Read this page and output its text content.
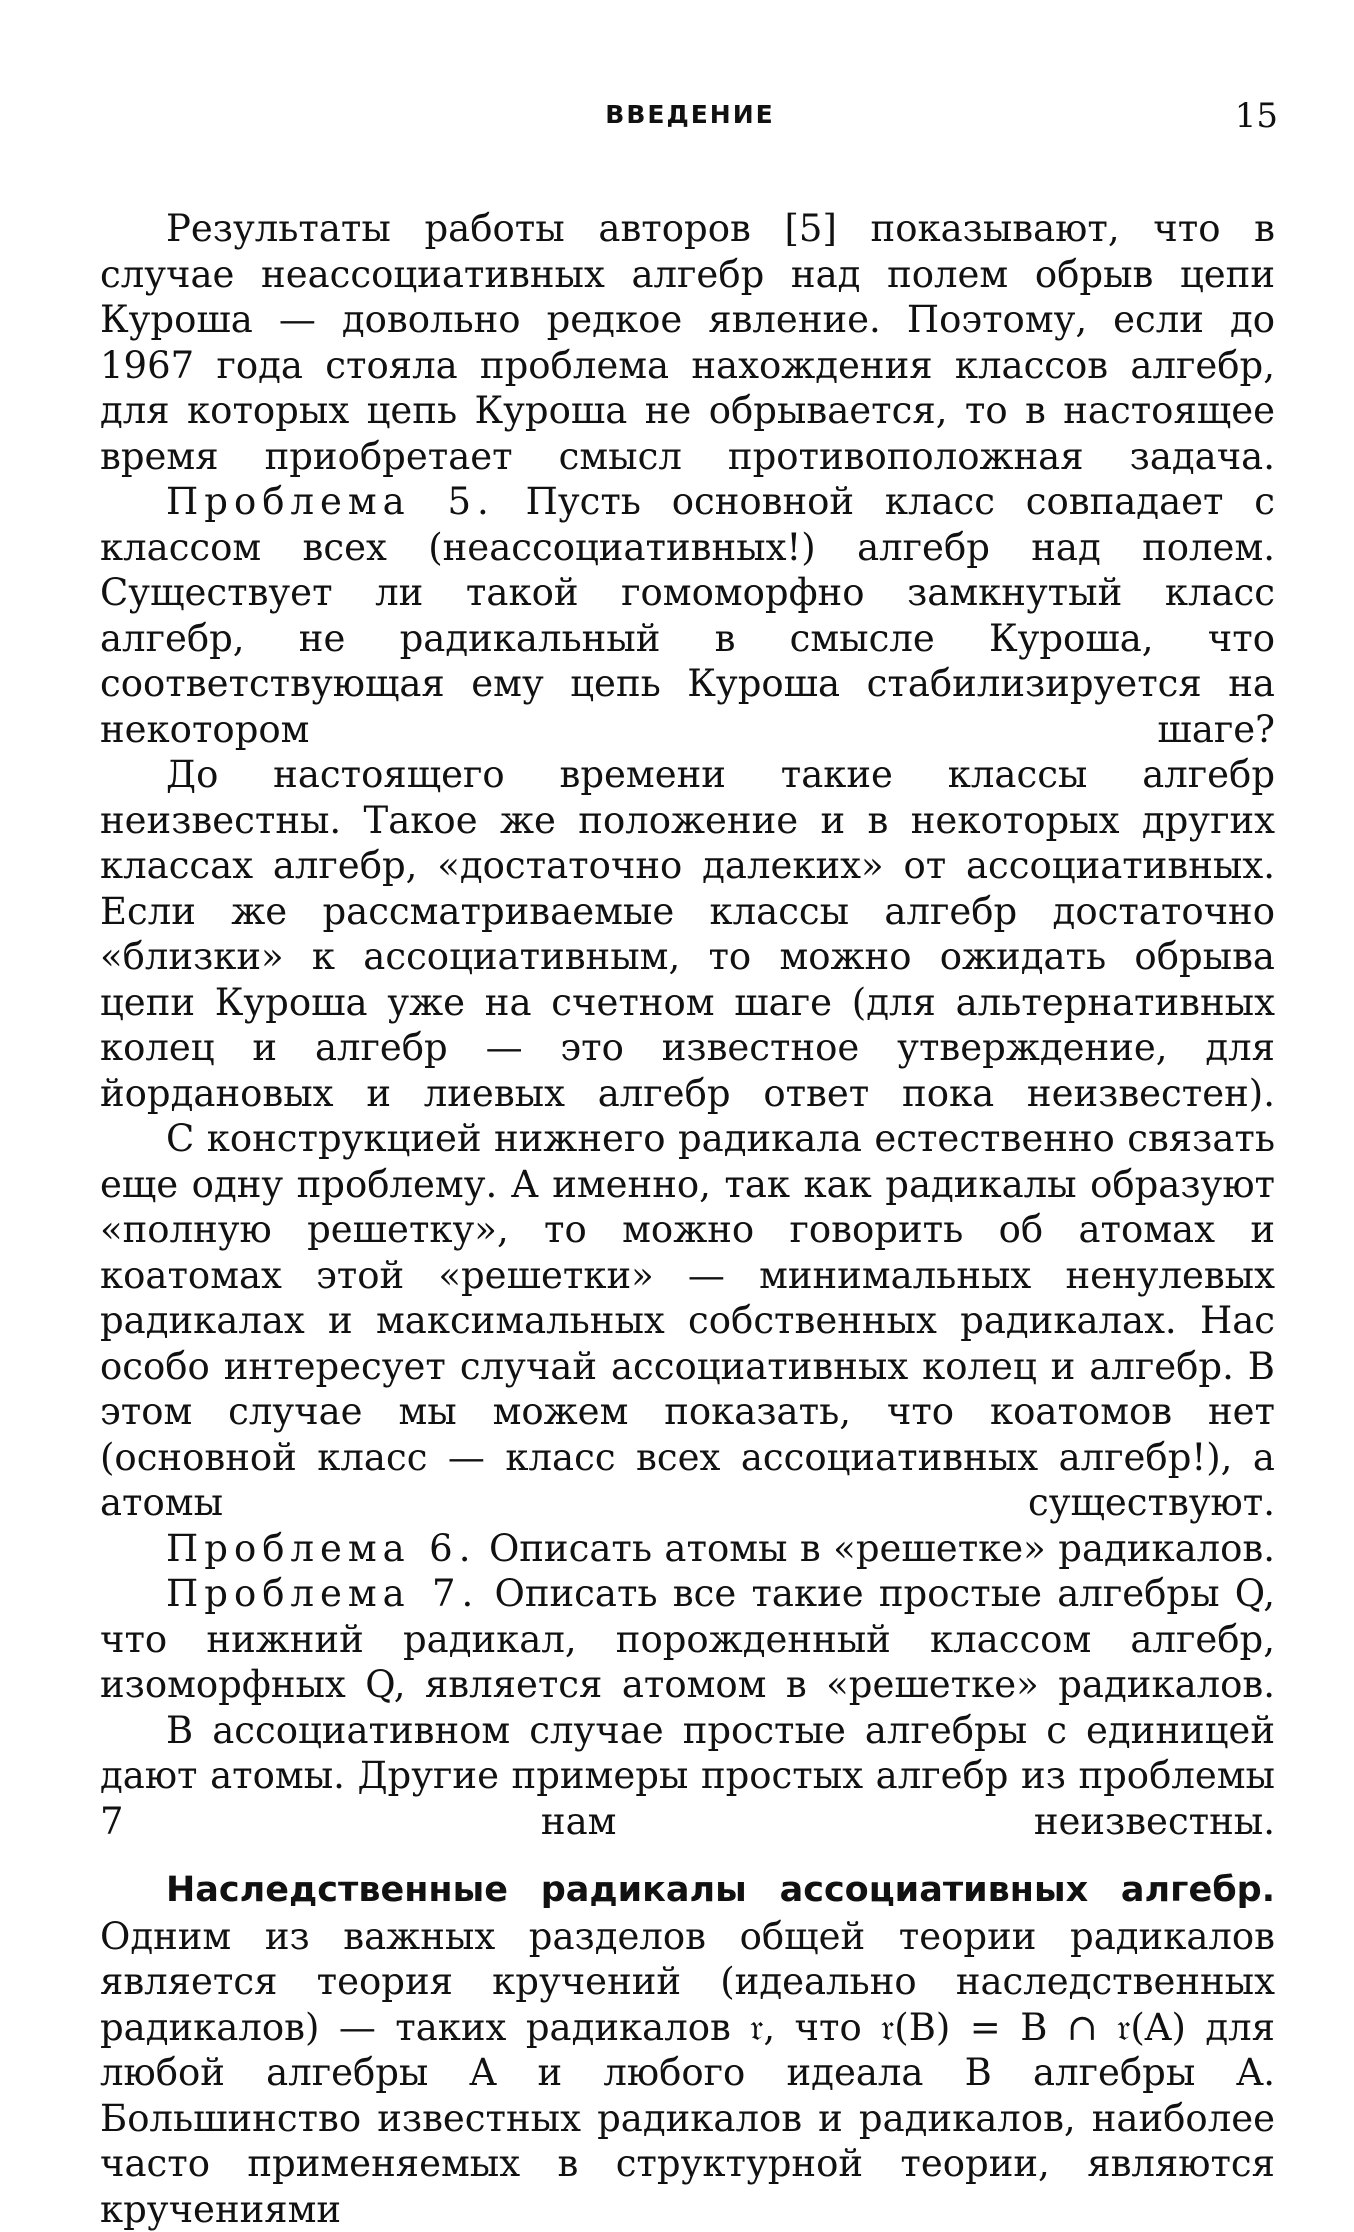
ВВЕДЕНИЕ	15

Результаты работы авторов [5] показывают, что в случае неассоциативных алгебр над полем обрыв цепи Куроша — довольно редкое явление. Поэтому, если до 1967 года стояла проблема нахождения классов алгебр, для которых цепь Куроша не обрывается, то в настоящее время приобретает смысл противоположная задача.

Проблема 5. Пусть основной класс совпадает с классом всех (неассоциативных!) алгебр над полем. Существует ли такой гомоморфно замкнутый класс алгебр, не радикальный в смысле Куроша, что соответствующая ему цепь Куроша стабилизируется на некотором шаге?

До настоящего времени такие классы алгебр неизвестны. Такое же положение и в некоторых других классах алгебр, «достаточно далеких» от ассоциативных. Если же рассматриваемые классы алгебр достаточно «близки» к ассоциативным, то можно ожидать обрыва цепи Куроша уже на счетном шаге (для альтернативных колец и алгебр — это известное утверждение, для йордановых и лиевых алгебр ответ пока неизвестен).

С конструкцией нижнего радикала естественно связать еще одну проблему. А именно, так как радикалы образуют «полную решетку», то можно говорить об атомах и коатомах этой «решетки» — минимальных ненулевых радикалах и максимальных собственных радикалах. Нас особо интересует случай ассоциативных колец и алгебр. В этом случае мы можем показать, что коатомов нет (основной класс — класс всех ассоциативных алгебр!), а атомы существуют.

Проблема 6. Описать атомы в «решетке» радикалов.

Проблема 7. Описать все такие простые алгебры Q, что нижний радикал, порожденный классом алгебр, изоморфных Q, является атомом в «решетке» радикалов.

В ассоциативном случае простые алгебры с единицей дают атомы. Другие примеры простых алгебр из проблемы 7 нам неизвестны.

Наследственные радикалы ассоциативных алгебр. Одним из важных разделов общей теории радикалов является теория кручений (идеально наследственных радикалов) — таких радикалов 𝔯, что 𝔯(B) = B ∩ 𝔯(A) для любой алгебры A и любого идеала B алгебры A. Большинство известных радикалов и радикалов, наиболее часто применяемых в структурной теории, являются кручениями
